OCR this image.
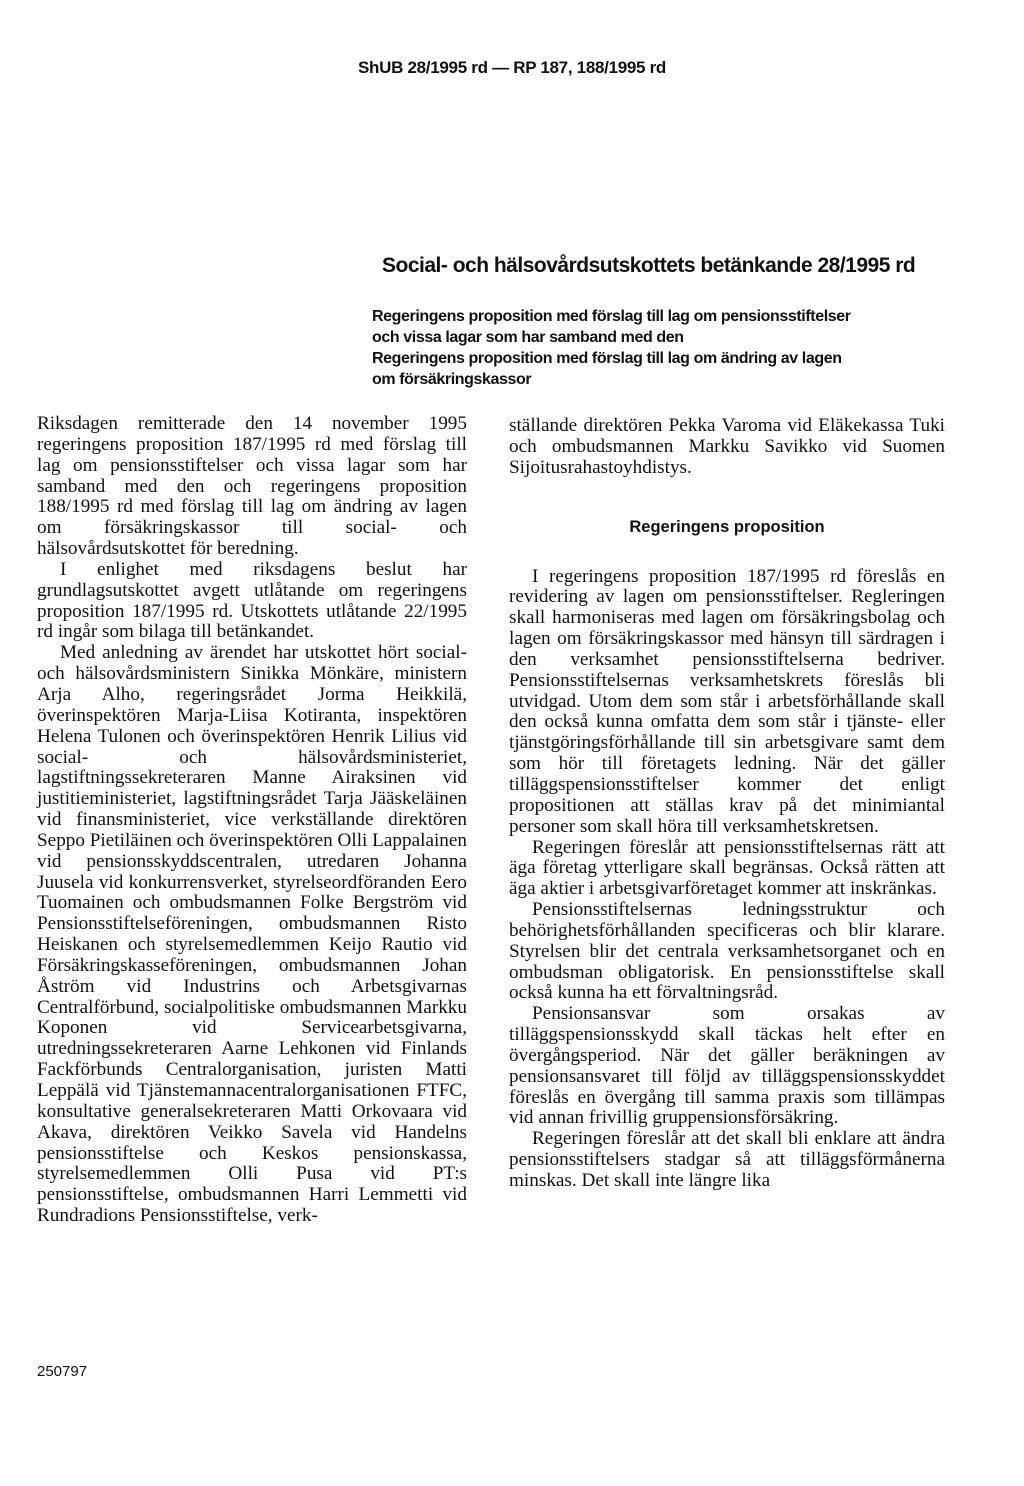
ShUB 28/1995 rd — RP 187, 188/1995 rd
Social- och hälsovårdsutskottets betänkande 28/1995 rd
Regeringens proposition med förslag till lag om pensionsstiftelser
och vissa lagar som har samband med den
Regeringens proposition med förslag till lag om ändring av lagen
om försäkringskassor

Riksdagen remitterade den 14 november 1995 regeringens proposition 187/1995 rd med förslag till lag om pensionsstiftelser och vissa lagar som har samband med den och regeringens proposition 188/1995 rd med förslag till lag om ändring av lagen om försäkringskassor till social- och hälsovårdsutskottet för beredning.

I enlighet med riksdagens beslut har grundlagsutskottet avgett utlåtande om regeringens proposition 187/1995 rd. Utskottets utlåtande 22/1995 rd ingår som bilaga till betänkandet.

Med anledning av ärendet har utskottet hört social- och hälsovårdsministern Sinikka Mönkäre, ministern Arja Alho, regeringsrådet Jorma Heikkilä, överinspektören Marja-Liisa Kotiranta, inspektören Helena Tulonen och överinspektören Henrik Lilius vid social- och hälsovårdsministeriet, lagstiftningssekreteraren Manne Airaksinen vid justitieministeriet, lagstiftningsrådet Tarja Jääskeläinen vid finansministeriet, vice verkställande direktören Seppo Pietiläinen och överinspektören Olli Lappalainen vid pensionsskyddscentralen, utredaren Johanna Juusela vid konkurrensverket, styrelseordföranden Eero Tuomainen och ombudsmannen Folke Bergström vid Pensionsstiftelseföreningen, ombudsmannen Risto Heiskanen och styrelsemedlemmen Keijo Rautio vid Försäkringskasseföreningen, ombudsmannen Johan Åström vid Industrins och Arbetsgivarnas Centralförbund, socialpolitiske ombudsmannen Markku Koponen vid Servicearbetsgivarna, utredningssekreteraren Aarne Lehkonen vid Finlands Fackförbunds Centralorganisation, juristen Matti Leppälä vid Tjänstemannacentralorganisationen FTFC, konsultative generalsekreteraren Matti Orkovaara vid Akava, direktören Veikko Savela vid Handelns pensionsstiftelse och Keskos pensionskassa, styrelsemedlemmen Olli Pusa vid PT:s pensionsstiftelse, ombudsmannen Harri Lemmetti vid Rundradions Pensionsstiftelse, verk-

ställande direktören Pekka Varoma vid Eläkekassa Tuki och ombudsmannen Markku Savikko vid Suomen Sijoitusrahastoyhdistys.

Regeringens proposition

I regeringens proposition 187/1995 rd föreslås en revidering av lagen om pensionsstiftelser. Regleringen skall harmoniseras med lagen om försäkringsbolag och lagen om försäkringskassor med hänsyn till särdragen i den verksamhet pensionsstiftelserna bedriver. Pensionsstiftelsernas verksamhetskrets föreslås bli utvidgad. Utom dem som står i arbetsförhållande skall den också kunna omfatta dem som står i tjänste- eller tjänstgöringsförhållande till sin arbetsgivare samt dem som hör till företagets ledning. När det gäller tilläggspensionsstiftelser kommer det enligt propositionen att ställas krav på det minimiantal personer som skall höra till verksamhetskretsen.

Regeringen föreslår att pensionsstiftelsernas rätt att äga företag ytterligare skall begränsas. Också rätten att äga aktier i arbetsgivarföretaget kommer att inskränkas.

Pensionsstiftelsernas ledningsstruktur och behörighetsförhållanden specificeras och blir klarare. Styrelsen blir det centrala verksamhetsorganet och en ombudsman obligatorisk. En pensionsstiftelse skall också kunna ha ett förvaltningsråd.

Pensionsansvar som orsakas av tilläggspensionsskydd skall täckas helt efter en övergångsperiod. När det gäller beräkningen av pensionsansvaret till följd av tilläggspensionsskyddet föreslås en övergång till samma praxis som tillämpas vid annan frivillig gruppensionsförsäkring.

Regeringen föreslår att det skall bli enklare att ändra pensionsstiftelsers stadgar så att tilläggsförmånerna minskas. Det skall inte längre lika

250797
